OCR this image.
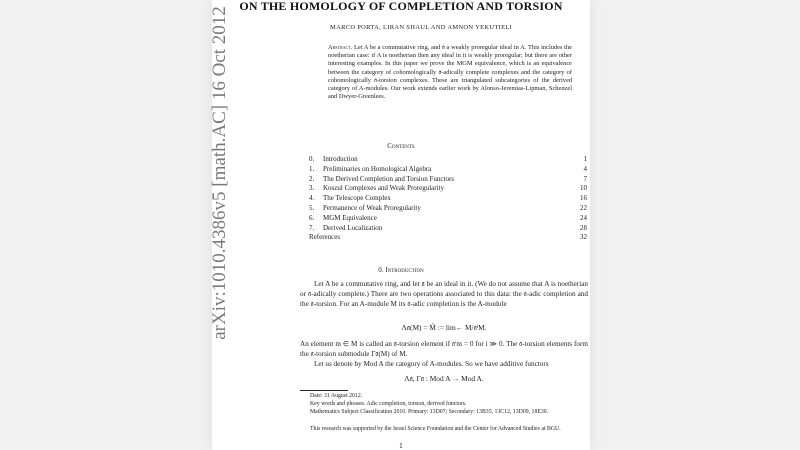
arXiv:1010.4386v5 [math.AC] 16 Oct 2012
ON THE HOMOLOGY OF COMPLETION AND TORSION
MARCO PORTA, LIRAN SHAUL AND AMNON YEKUTIELI
Abstract. Let A be a commutative ring, and 𝔞 a weakly proregular ideal in A. This includes the noetherian case: if A is noetherian then any ideal in it is weakly proregular; but there are other interesting examples. In this paper we prove the MGM equivalence, which is an equivalence between the category of cohomologically 𝔞-adically complete complexes and the category of cohomologically 𝔞-torsion complexes. These are triangulated subcategories of the derived category of A-modules. Our work extends earlier work by Alonso-Jeremias-Lipman, Schenzel and Dwyer-Greenlees.
Contents
0.	Introduction	1
1.	Preliminaries on Homological Algebra	4
2.	The Derived Completion and Torsion Functors	7
3.	Koszul Complexes and Weak Proregularity	10
4.	The Telescope Complex	16
5.	Permanence of Weak Proregularity	22
6.	MGM Equivalence	24
7.	Derived Localization	28
References	32
0. Introduction
Let A be a commutative ring, and let 𝔞 be an ideal in it. (We do not assume that A is noetherian or 𝔞-adically complete.) There are two operations associated to this data: the 𝔞-adic completion and the 𝔞-torsion. For an A-module M its 𝔞-adic completion is the A-module
Λ𝔞(M) = M̂ := lim← M/𝔞ⁱM.
An element m ∈ M is called an 𝔞-torsion element if 𝔞ⁱm = 0 for i ≫ 0. The 𝔞-torsion elements form the 𝔞-torsion submodule Γ𝔞(M) of M.
Let us denote by Mod A the category of A-modules. So we have additive functors
Λ𝔞, Γ𝔞 : Mod A → Mod A.
Date: 31 August 2012.
Key words and phrases. Adic completion, torsion, derived functors.
Mathematics Subject Classification 2010. Primary: 13D07; Secondary: 13B35, 13C12, 13D09, 18E30.
This research was supported by the Israel Science Foundation and the Center for Advanced Studies at BGU.
1
